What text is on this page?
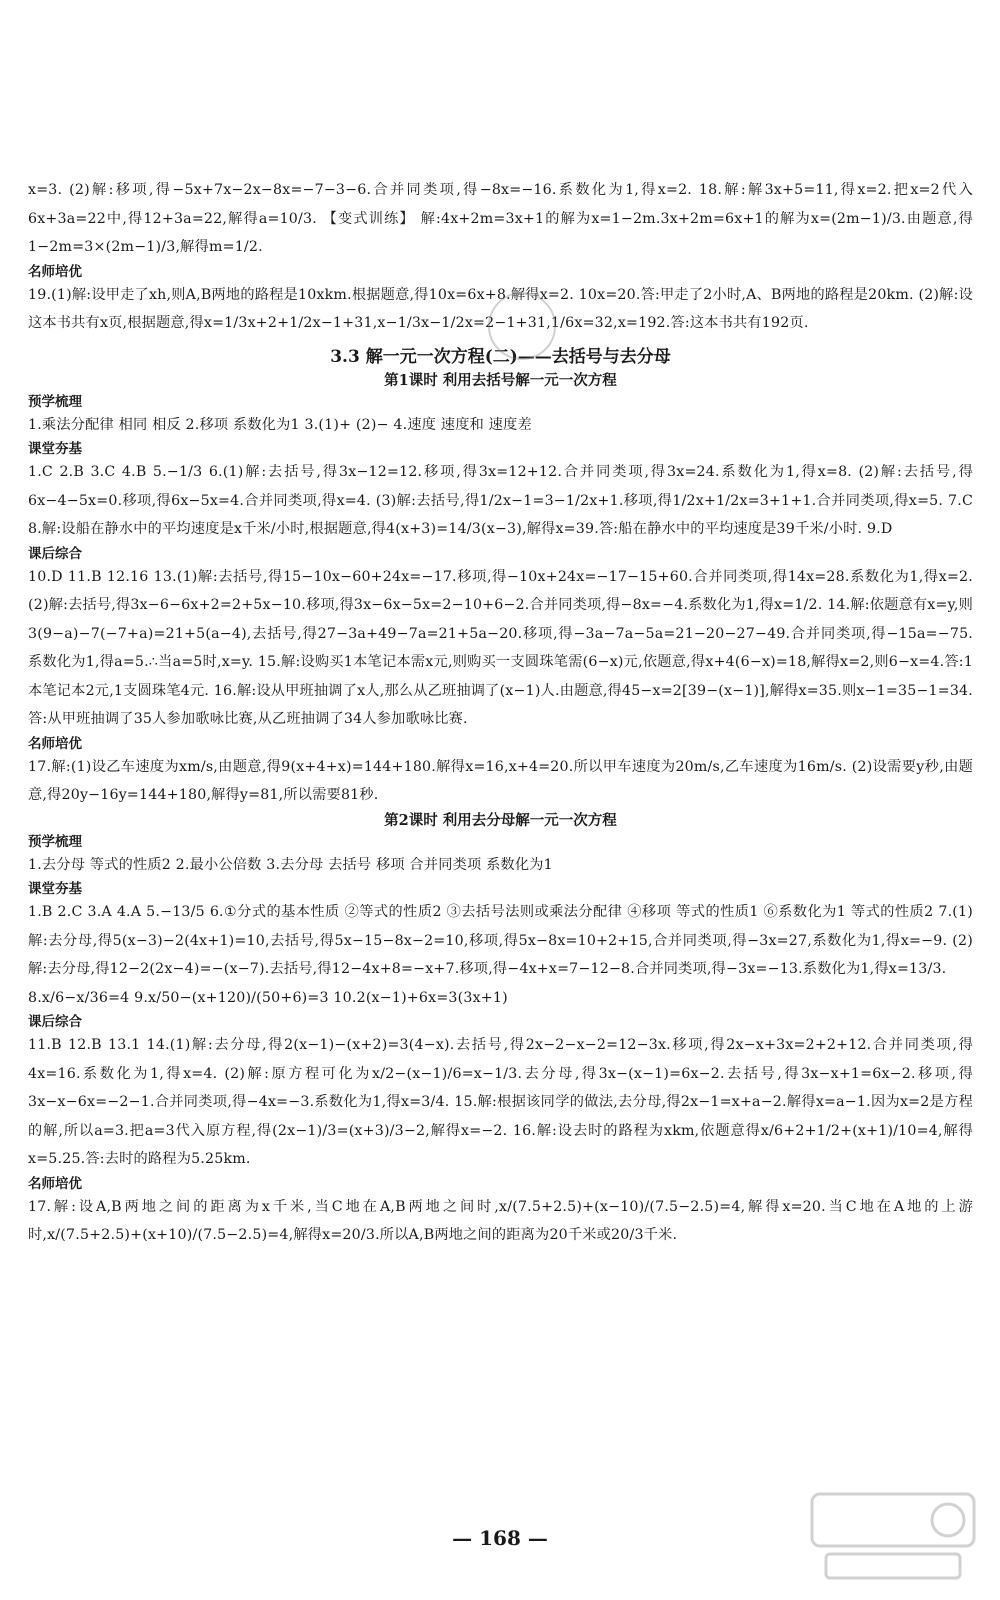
x=3. (2)解:移项,得−5x+7x−2x−8x=−7−3−6.合并同类项,得−8x=−16.系数化为1,得x=2. 18.解:解3x+5=11,得x=2.把x=2代入6x+3a=22中,得12+3a=22,解得a=10/3. 【变式训练】 解:4x+2m=3x+1的解为x=1−2m.3x+2m=6x+1的解为x=(2m−1)/3.由题意,得1−2m=3×(2m−1)/3,解得m=1/2.

名师培优

19.(1)解:设甲走了xh,则A,B两地的路程是10xkm.根据题意,得10x=6x+8.解得x=2. 10x=20.答:甲走了2小时,A、B两地的路程是20km. (2)解:设这本书共有x页,根据题意,得x=1/3x+2+1/2x−1+31,x−1/3x−1/2x=2−1+31,1/6x=32,x=192.答:这本书共有192页.

3.3 解一元一次方程(二)——去括号与去分母
第1课时 利用去括号解一元一次方程
预学梳理

1.乘法分配律 相同 相反 2.移项 系数化为1 3.(1)+ (2)− 4.速度 速度和 速度差

课堂夯基

1.C 2.B 3.C 4.B 5.−1/3 6.(1)解:去括号,得3x−12=12.移项,得3x=12+12.合并同类项,得3x=24.系数化为1,得x=8. (2)解:去括号,得6x−4−5x=0.移项,得6x−5x=4.合并同类项,得x=4. (3)解:去括号,得1/2x−1=3−1/2x+1.移项,得1/2x+1/2x=3+1+1.合并同类项,得x=5. 7.C 8.解:设船在静水中的平均速度是x千米/小时,根据题意,得4(x+3)=14/3(x−3),解得x=39.答:船在静水中的平均速度是39千米/小时. 9.D

课后综合

10.D 11.B 12.16 13.(1)解:去括号,得15−10x−60+24x=−17.移项,得−10x+24x=−17−15+60.合并同类项,得14x=28.系数化为1,得x=2. (2)解:去括号,得3x−6−6x+2=2+5x−10.移项,得3x−6x−5x=2−10+6−2.合并同类项,得−8x=−4.系数化为1,得x=1/2. 14.解:依题意有x=y,则3(9−a)−7(−7+a)=21+5(a−4),去括号,得27−3a+49−7a=21+5a−20.移项,得−3a−7a−5a=21−20−27−49.合并同类项,得−15a=−75.系数化为1,得a=5.∴当a=5时,x=y. 15.解:设购买1本笔记本需x元,则购买一支圆珠笔需(6−x)元,依题意,得x+4(6−x)=18,解得x=2,则6−x=4.答:1本笔记本2元,1支圆珠笔4元. 16.解:设从甲班抽调了x人,那么从乙班抽调了(x−1)人.由题意,得45−x=2[39−(x−1)],解得x=35.则x−1=35−1=34.答:从甲班抽调了35人参加歌咏比赛,从乙班抽调了34人参加歌咏比赛.

名师培优

17.解:(1)设乙车速度为xm/s,由题意,得9(x+4+x)=144+180.解得x=16,x+4=20.所以甲车速度为20m/s,乙车速度为16m/s. (2)设需要y秒,由题意,得20y−16y=144+180,解得y=81,所以需要81秒.

第2课时 利用去分母解一元一次方程
预学梳理

1.去分母 等式的性质2 2.最小公倍数 3.去分母 去括号 移项 合并同类项 系数化为1

课堂夯基

1.B 2.C 3.A 4.A 5.−13/5 6.①分式的基本性质 ②等式的性质2 ③去括号法则或乘法分配律 ④移项 等式的性质1 ⑥系数化为1 等式的性质2 7.(1)解:去分母,得5(x−3)−2(4x+1)=10,去括号,得5x−15−8x−2=10,移项,得5x−8x=10+2+15,合并同类项,得−3x=27,系数化为1,得x=−9. (2)解:去分母,得12−2(2x−4)=−(x−7).去括号,得12−4x+8=−x+7.移项,得−4x+x=7−12−8.合并同类项,得−3x=−13.系数化为1,得x=13/3.

8.x/6−x/36=4 9.x/50−(x+120)/(50+6)=3 10.2(x−1)+6x=3(3x+1)

课后综合

11.B 12.B 13.1 14.(1)解:去分母,得2(x−1)−(x+2)=3(4−x).去括号,得2x−2−x−2=12−3x.移项,得2x−x+3x=2+2+12.合并同类项,得4x=16.系数化为1,得x=4. (2)解:原方程可化为x/2−(x−1)/6=x−1/3.去分母,得3x−(x−1)=6x−2.去括号,得3x−x+1=6x−2.移项,得3x−x−6x=−2−1.合并同类项,得−4x=−3.系数化为1,得x=3/4. 15.解:根据该同学的做法,去分母,得2x−1=x+a−2.解得x=a−1.因为x=2是方程的解,所以a=3.把a=3代入原方程,得(2x−1)/3=(x+3)/3−2,解得x=−2. 16.解:设去时的路程为xkm,依题意得x/6+2+1/2+(x+1)/10=4,解得x=5.25.答:去时的路程为5.25km.

名师培优

17.解:设A,B两地之间的距离为x千米,当C地在A,B两地之间时,x/(7.5+2.5)+(x−10)/(7.5−2.5)=4,解得x=20.当C地在A地的上游时,x/(7.5+2.5)+(x+10)/(7.5−2.5)=4,解得x=20/3.所以A,B两地之间的距离为20千米或20/3千米.

— 168 —
